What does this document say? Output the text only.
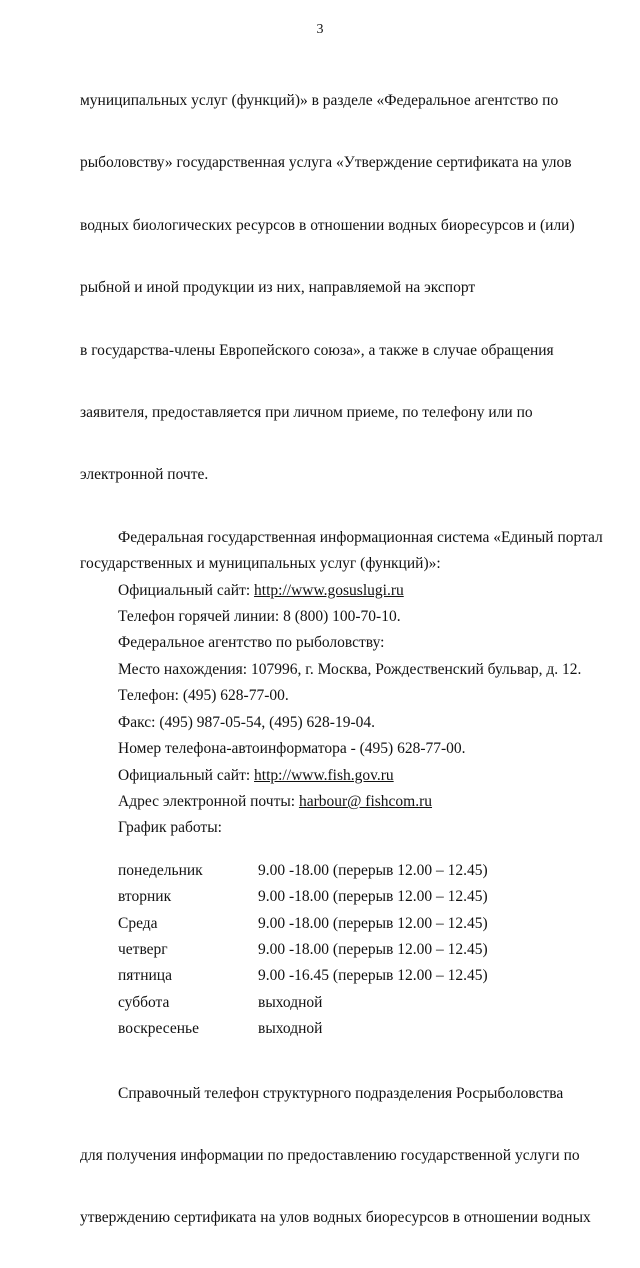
3

муниципальных услуг (функций)» в разделе «Федеральное агентство по

рыболовству» государственная услуга «Утверждение сертификата на улов

водных биологических ресурсов в отношении водных биоресурсов и (или)

рыбной и иной продукции из них, направляемой на экспорт

в государства-члены Европейского союза», а также в случае обращения

заявителя, предоставляется при личном приеме, по телефону или по

электронной почте.

Федеральная государственная информационная система «Единый портал

государственных и муниципальных услуг (функций)»:

Официальный сайт: http://www.gosuslugi.ru

Телефон горячей линии: 8 (800) 100-70-10.

Федеральное агентство по рыболовству:

Место нахождения: 107996, г. Москва, Рождественский бульвар, д. 12.

Телефон: (495) 628-77-00.

Факс: (495) 987-05-54, (495) 628-19-04.

Номер телефона-автоинформатора - (495) 628-77-00.

Официальный сайт: http://www.fish.gov.ru

Адрес электронной почты: harbour@ fishcom.ru

График работы:

понедельник	9.00 -18.00 (перерыв 12.00 – 12.45)
вторник	9.00 -18.00 (перерыв 12.00 – 12.45)
Среда	9.00 -18.00 (перерыв 12.00 – 12.45)
четверг	9.00 -18.00 (перерыв 12.00 – 12.45)
пятница	9.00 -16.45 (перерыв 12.00 – 12.45)
суббота	выходной
воскресенье	выходной

Справочный телефон структурного подразделения Росрыболовства

для получения информации по предоставлению государственной услуги по

утверждению сертификата на улов водных биоресурсов в отношении водных
